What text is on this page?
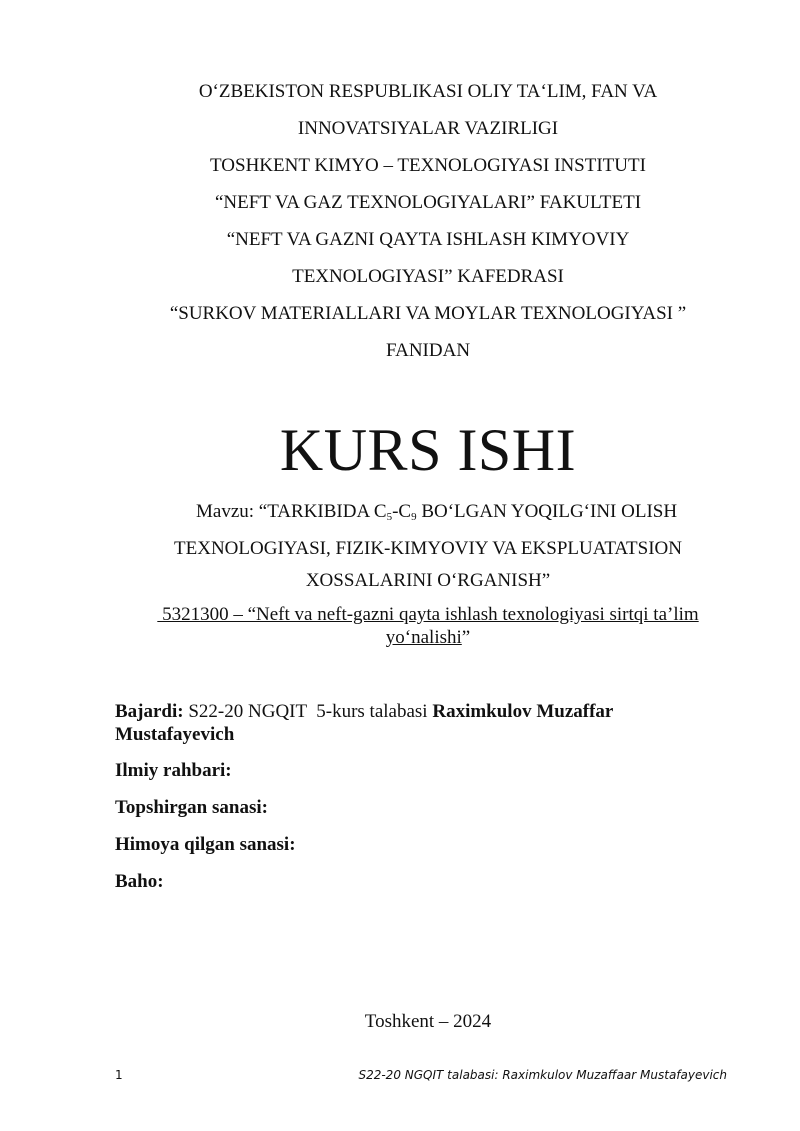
O‘ZBEKISTON RESPUBLIKASI OLIY TA‘LIM, FAN VA
INNOVATSIYALAR VAZIRLIGI
TOSHKENT KIMYO – TEXNOLOGIYASI INSTITUTI
“NEFT VA GAZ TEXNOLOGIYALARI” FAKULTETI
“NEFT VA GAZNI QAYTA ISHLASH KIMYOVIY
TEXNOLOGIYASI” KAFEDRASI
“SURKOV MATERIALLARI VA MOYLAR TEXNOLOGIYASI ”
FANIDAN
KURS ISHI
Mavzu: “TARKIBIDA $C_5-C_9$ BO‘LGAN YOQILG‘INI OLISH
TEXNOLOGIYASI, FIZIK-KIMYOVIY VA EKSPLUATATSION
XOSSALARINI O‘RGANISH”
5321300 – “Neft va neft-gazni qayta ishlash texnologiyasi sirtqi ta’lim
yo‘nalishi”
Bajardi: S22-20 NGQIT  5-kurs talabasi Raximkulov Muzaffar Mustafayevich
Ilmiy rahbari:
Topshirgan sanasi:
Himoya qilgan sanasi:
Baho:
Toshkent – 2024
1	S22-20 NGQIT talabasi: Raximkulov Muzaffaar Mustafayevich
